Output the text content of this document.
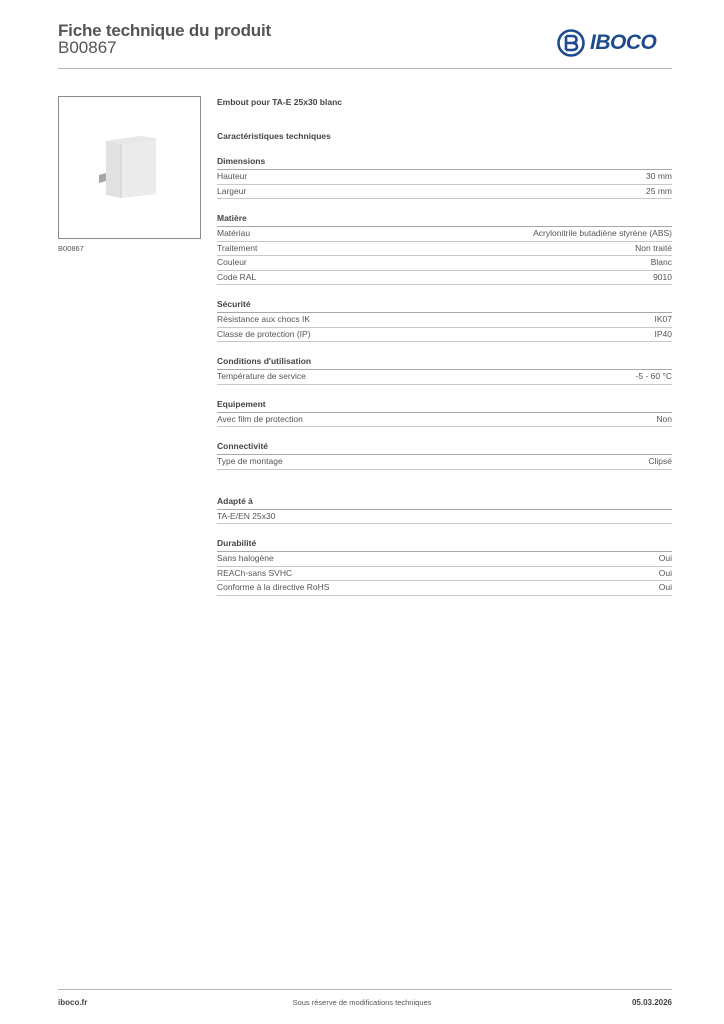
Fiche technique du produit
B00867	IBOCO
B00867
Embout pour TA-E 25x30 blanc
Caractéristiques techniques
Dimensions
Hauteur	30 mm
Largeur	25 mm
Matière
Matériau	Acrylonitrile butadiène styrène (ABS)
Traitement	Non traité
Couleur	Blanc
Code RAL	9010
Sécurité
Résistance aux chocs IK	IK07
Classe de protection (IP)	IP40
Conditions d'utilisation
Température de service	-5 - 60 °C
Equipement
Avec film de protection	Non
Connectivité
Type de montage	Clipsé
Adapté à
TA-E/EN 25x30
Durabilité
Sans halogène	Oui
REACh-sans SVHC	Oui
Conforme à la directive RoHS	Oui
iboco.fr	Sous réserve de modifications techniques	05.03.2026
